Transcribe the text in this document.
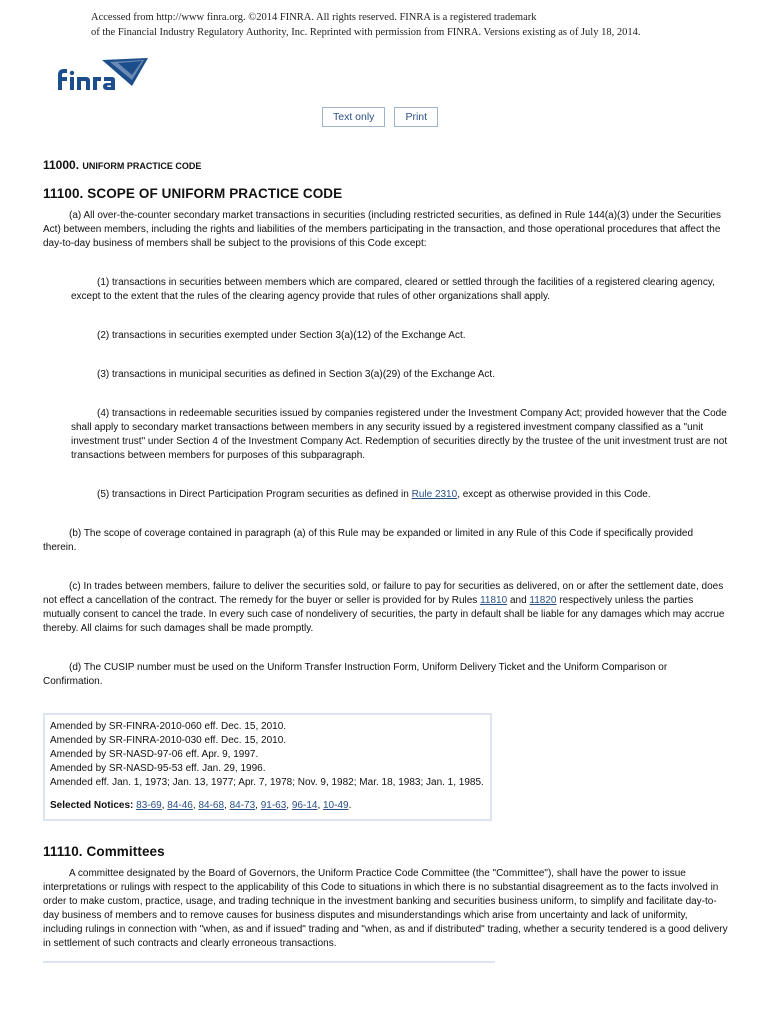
Accessed from http://www finra.org. ©2014 FINRA. All rights reserved. FINRA is a registered trademark
of the Financial Industry Regulatory Authority, Inc. Reprinted with permission from FINRA. Versions existing as of July 18, 2014.
Text only	Print
11000. UNIFORM PRACTICE CODE
11100. SCOPE OF UNIFORM PRACTICE CODE

(a) All over-the-counter secondary market transactions in securities (including restricted securities, as defined in Rule 144(a)(3) under the Securities Act) between members, including the rights and liabilities of the members participating in the transaction, and those operational procedures that affect the day-to-day business of members shall be subject to the provisions of this Code except:

(1) transactions in securities between members which are compared, cleared or settled through the facilities of a registered clearing agency, except to the extent that the rules of the clearing agency provide that rules of other organizations shall apply.

(2) transactions in securities exempted under Section 3(a)(12) of the Exchange Act.

(3) transactions in municipal securities as defined in Section 3(a)(29) of the Exchange Act.

(4) transactions in redeemable securities issued by companies registered under the Investment Company Act; provided however that the Code shall apply to secondary market transactions between members in any security issued by a registered investment company classified as a "unit investment trust" under Section 4 of the Investment Company Act. Redemption of securities directly by the trustee of the unit investment trust are not transactions between members for purposes of this subparagraph.

(5) transactions in Direct Participation Program securities as defined in Rule 2310, except as otherwise provided in this Code.

(b) The scope of coverage contained in paragraph (a) of this Rule may be expanded or limited in any Rule of this Code if specifically provided therein.

(c) In trades between members, failure to deliver the securities sold, or failure to pay for securities as delivered, on or after the settlement date, does not effect a cancellation of the contract. The remedy for the buyer or seller is provided for by Rules 11810 and 11820 respectively unless the parties mutually consent to cancel the trade. In every such case of nondelivery of securities, the party in default shall be liable for any damages which may accrue thereby. All claims for such damages shall be made promptly.

(d) The CUSIP number must be used on the Uniform Transfer Instruction Form, Uniform Delivery Ticket and the Uniform Comparison or Confirmation.

Amended by SR-FINRA-2010-060 eff. Dec. 15, 2010.
Amended by SR-FINRA-2010-030 eff. Dec. 15, 2010.
Amended by SR-NASD-97-06 eff. Apr. 9, 1997.
Amended by SR-NASD-95-53 eff. Jan. 29, 1996.
Amended eff. Jan. 1, 1973; Jan. 13, 1977; Apr. 7, 1978; Nov. 9, 1982; Mar. 18, 1983; Jan. 1, 1985.
Selected Notices: 83-69, 84-46, 84-68, 84-73, 91-63, 96-14, 10-49.
11110. Committees

A committee designated by the Board of Governors, the Uniform Practice Code Committee (the "Committee"), shall have the power to issue interpretations or rulings with respect to the applicability of this Code to situations in which there is no substantial disagreement as to the facts involved in order to make custom, practice, usage, and trading technique in the investment banking and securities business uniform, to simplify and facilitate day-to-day business of members and to remove causes for business disputes and misunderstandings which arise from uncertainty and lack of uniformity, including rulings in connection with "when, as and if issued" trading and "when, as and if distributed" trading, whether a security tendered is a good delivery in settlement of such contracts and clearly erroneous transactions.
